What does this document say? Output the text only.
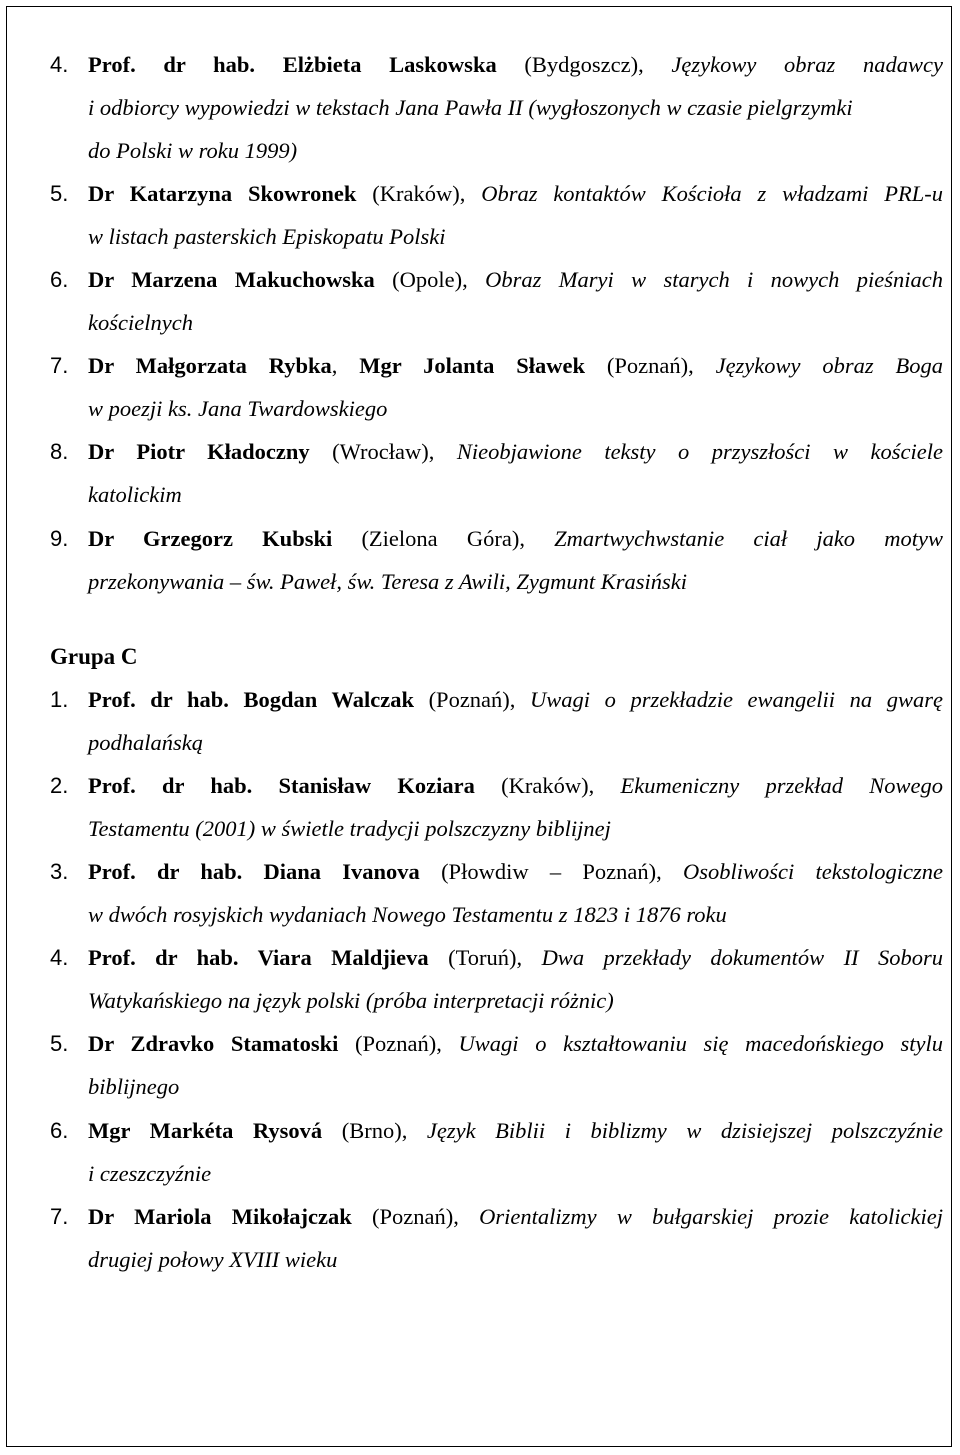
4. Prof. dr hab. Elżbieta Laskowska (Bydgoszcz), Językowy obraz nadawcy
i odbiorcy wypowiedzi w tekstach Jana Pawła II (wygłoszonych w czasie pielgrzymki
do Polski w roku 1999)
5. Dr Katarzyna Skowronek (Kraków), Obraz kontaktów Kościoła z władzami PRL-u
w listach pasterskich Episkopatu Polski
6. Dr Marzena Makuchowska (Opole), Obraz Maryi w starych i nowych pieśniach
kościelnych
7. Dr Małgorzata Rybka, Mgr Jolanta Sławek (Poznań), Językowy obraz Boga
w poezji ks. Jana Twardowskiego
8. Dr Piotr Kładoczny (Wrocław), Nieobjawione teksty o przyszłości w kościele
katolickim
9. Dr Grzegorz Kubski (Zielona Góra), Zmartwychwstanie ciał jako motyw
przekonywania – św. Paweł, św. Teresa z Awili, Zygmunt Krasiński
Grupa C
1. Prof. dr hab. Bogdan Walczak (Poznań), Uwagi o przekładzie ewangelii na gwarę
podhalańską
2. Prof. dr hab. Stanisław Koziara (Kraków), Ekumeniczny przekład Nowego
Testamentu (2001) w świetle tradycji polszczyzny biblijnej
3. Prof. dr hab. Diana Ivanova (Płowdiw – Poznań), Osobliwości tekstologiczne
w dwóch rosyjskich wydaniach Nowego Testamentu z 1823 i 1876 roku
4. Prof. dr hab. Viara Maldjieva (Toruń), Dwa przekłady dokumentów II Soboru
Watykańskiego na język polski (próba interpretacji różnic)
5. Dr Zdravko Stamatoski (Poznań), Uwagi o kształtowaniu się macedońskiego stylu
biblijnego
6. Mgr Markéta Rysová (Brno), Język Biblii i biblizmy w dzisiejszej polszczyźnie
i czeszczyźnie
7. Dr Mariola Mikołajczak (Poznań), Orientalizmy w bułgarskiej prozie katolickiej
drugiej połowy XVIII wieku
